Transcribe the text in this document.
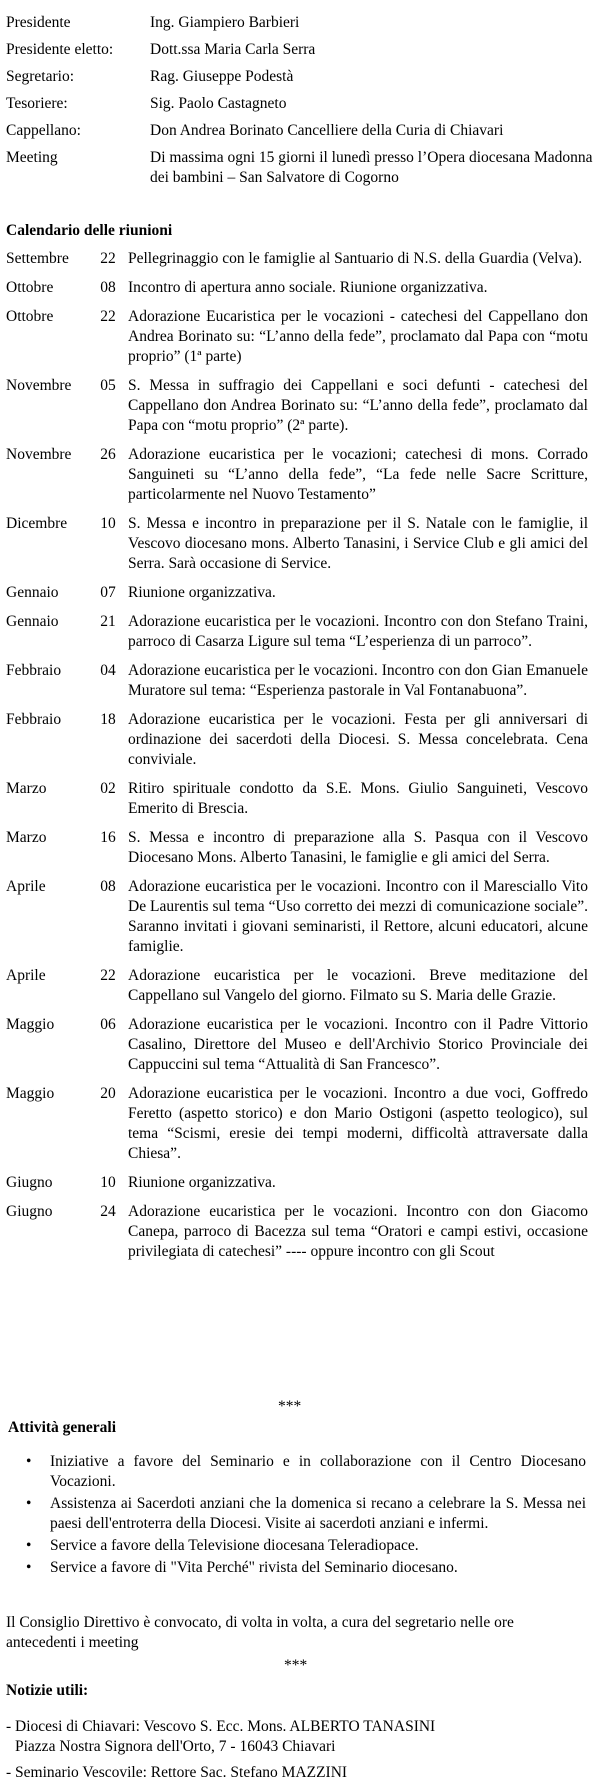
Presidente	Ing. Giampiero Barbieri
Presidente eletto:	Dott.ssa Maria Carla Serra
Segretario:	Rag. Giuseppe Podestà
Tesoriere:	Sig. Paolo Castagneto
Cappellano:	Don Andrea Borinato Cancelliere della Curia di Chiavari
Meeting	Di massima ogni 15 giorni il lunedì presso l’Opera diocesana Madonna dei bambini – San Salvatore di Cogorno
Calendario delle riunioni
Settembre	22 Pellegrinaggio con le famiglie al Santuario di N.S. della Guardia (Velva).
Ottobre	08 Incontro di apertura anno sociale. Riunione organizzativa.
Ottobre	22 Adorazione Eucaristica per le vocazioni - catechesi del Cappellano don Andrea Borinato su: “L’anno della fede”, proclamato dal Papa con “motu proprio” (1ª parte)
Novembre	05 S. Messa in suffragio dei Cappellani e soci defunti - catechesi del Cappellano don Andrea Borinato su: “L’anno della fede”, proclamato dal Papa con “motu proprio” (2ª parte).
Novembre	26 Adorazione eucaristica per le vocazioni; catechesi di mons. Corrado Sanguineti su “L’anno della fede”, “La fede nelle Sacre Scritture, particolarmente nel Nuovo Testamento”
Dicembre	10 S. Messa e incontro in preparazione per il S. Natale con le famiglie, il Vescovo diocesano mons. Alberto Tanasini, i Service Club e gli amici del Serra. Sarà occasione di Service.
Gennaio	07 Riunione organizzativa.
Gennaio	21 Adorazione eucaristica per le vocazioni. Incontro con don Stefano Traini, parroco di Casarza Ligure sul tema “L’esperienza di un parroco”.
Febbraio	04 Adorazione eucaristica per le vocazioni. Incontro con don Gian Emanuele Muratore sul tema: “Esperienza pastorale in Val Fontanabuona”.
Febbraio	18 Adorazione eucaristica per le vocazioni. Festa per gli anniversari di ordinazione dei sacerdoti della Diocesi. S. Messa concelebrata. Cena conviviale.
Marzo	02 Ritiro spirituale condotto da S.E. Mons. Giulio Sanguineti, Vescovo Emerito di Brescia.
Marzo	16 S. Messa e incontro di preparazione alla S. Pasqua con il Vescovo Diocesano Mons. Alberto Tanasini, le famiglie e gli amici del Serra.
Aprile	08 Adorazione eucaristica per le vocazioni. Incontro con il Maresciallo Vito De Laurentis sul tema “Uso corretto dei mezzi di comunicazione sociale”. Saranno invitati i giovani seminaristi, il Rettore, alcuni educatori, alcune famiglie.
Aprile	22 Adorazione eucaristica per le vocazioni. Breve meditazione del Cappellano sul Vangelo del giorno. Filmato su S. Maria delle Grazie.
Maggio	06 Adorazione eucaristica per le vocazioni. Incontro con il Padre Vittorio Casalino, Direttore del Museo e dell'Archivio Storico Provinciale dei Cappuccini sul tema “Attualità di San Francesco”.
Maggio	20 Adorazione eucaristica per le vocazioni. Incontro a due voci, Goffredo Feretto (aspetto storico) e don Mario Ostigoni (aspetto teologico), sul tema “Scismi, eresie dei tempi moderni, difficoltà attraversate dalla Chiesa”.
Giugno	10 Riunione organizzativa.
Giugno	24 Adorazione eucaristica per le vocazioni. Incontro con don Giacomo Canepa, parroco di Bacezza sul tema “Oratori e campi estivi, occasione privilegiata di catechesi” ---- oppure incontro con gli Scout
***
Attività generali
• Iniziative a favore del Seminario e in collaborazione con il Centro Diocesano Vocazioni.
• Assistenza ai Sacerdoti anziani che la domenica si recano a celebrare la S. Messa nei paesi dell'entroterra della Diocesi. Visite ai sacerdoti anziani e infermi.
• Service a favore della Televisione diocesana Teleradiopace.
• Service a favore di "Vita Perché" rivista del Seminario diocesano.
Il Consiglio Direttivo è convocato, di volta in volta, a cura del segretario nelle ore antecedenti i meeting
***
Notizie utili:
- Diocesi di Chiavari: Vescovo S. Ecc. Mons. ALBERTO TANASINI
Piazza Nostra Signora dell'Orto, 7 - 16043 Chiavari
- Seminario Vescovile: Rettore Sac. Stefano MAZZINI
